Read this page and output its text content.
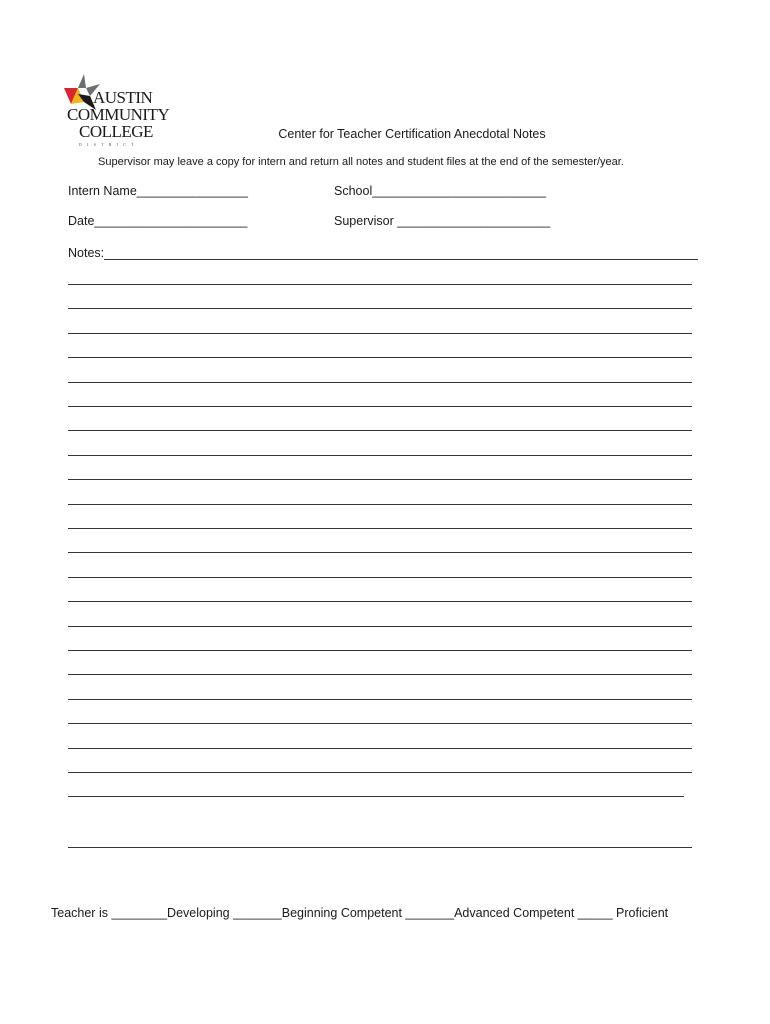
AUSTIN
COMMUNITY
COLLEGE
DISTRICT
Center for Teacher Certification Anecdotal Notes
Supervisor may leave a copy for intern and return all notes and student files at the end of the semester/year.
Intern Name________________	School_________________________
Date______________________	Supervisor ______________________
Notes:
Teacher is ________Developing _______Beginning Competent _______Advanced Competent _____ Proficient
